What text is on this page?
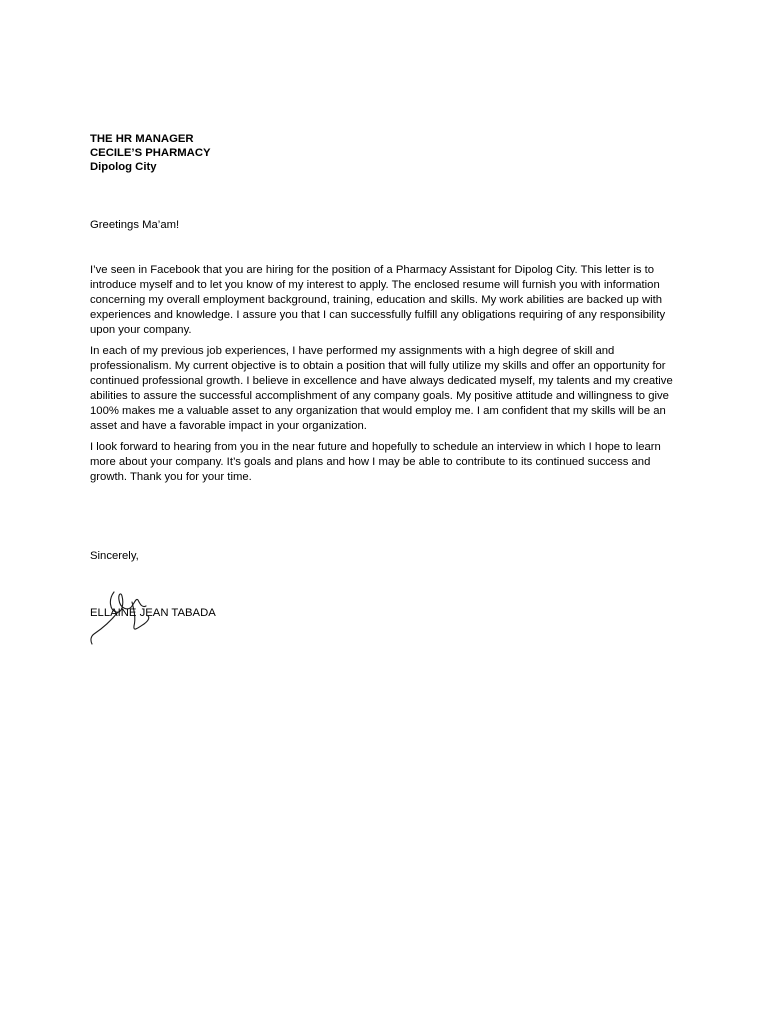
THE HR MANAGER

CECILE’S PHARMACY

Dipolog City

Greetings Ma’am!

I’ve seen in Facebook that you are hiring for the position of a Pharmacy Assistant for Dipolog City. This letter is to introduce myself and to let you know of my interest to apply. The enclosed resume will furnish you with information concerning my overall employment background, training, education and skills. My work abilities are backed up with experiences and knowledge. I assure you that I can successfully fulfill any obligations requiring of any responsibility upon your company.

In each of my previous job experiences, I have performed my assignments with a high degree of skill and professionalism. My current objective is to obtain a position that will fully utilize my skills and offer an opportunity for continued professional growth. I believe in excellence and have always dedicated myself, my talents and my creative abilities to assure the successful accomplishment of any company goals. My positive attitude and willingness to give 100% makes me a valuable asset to any organization that would employ me. I am confident that my skills will be an asset and have a favorable impact in your organization.

I look forward to hearing from you in the near future and hopefully to schedule an interview in which I hope to learn more about your company. It’s goals and plans and how I may be able to contribute to its continued success and growth. Thank you for your time.

Sincerely,

ELLAINE JEAN TABADA
